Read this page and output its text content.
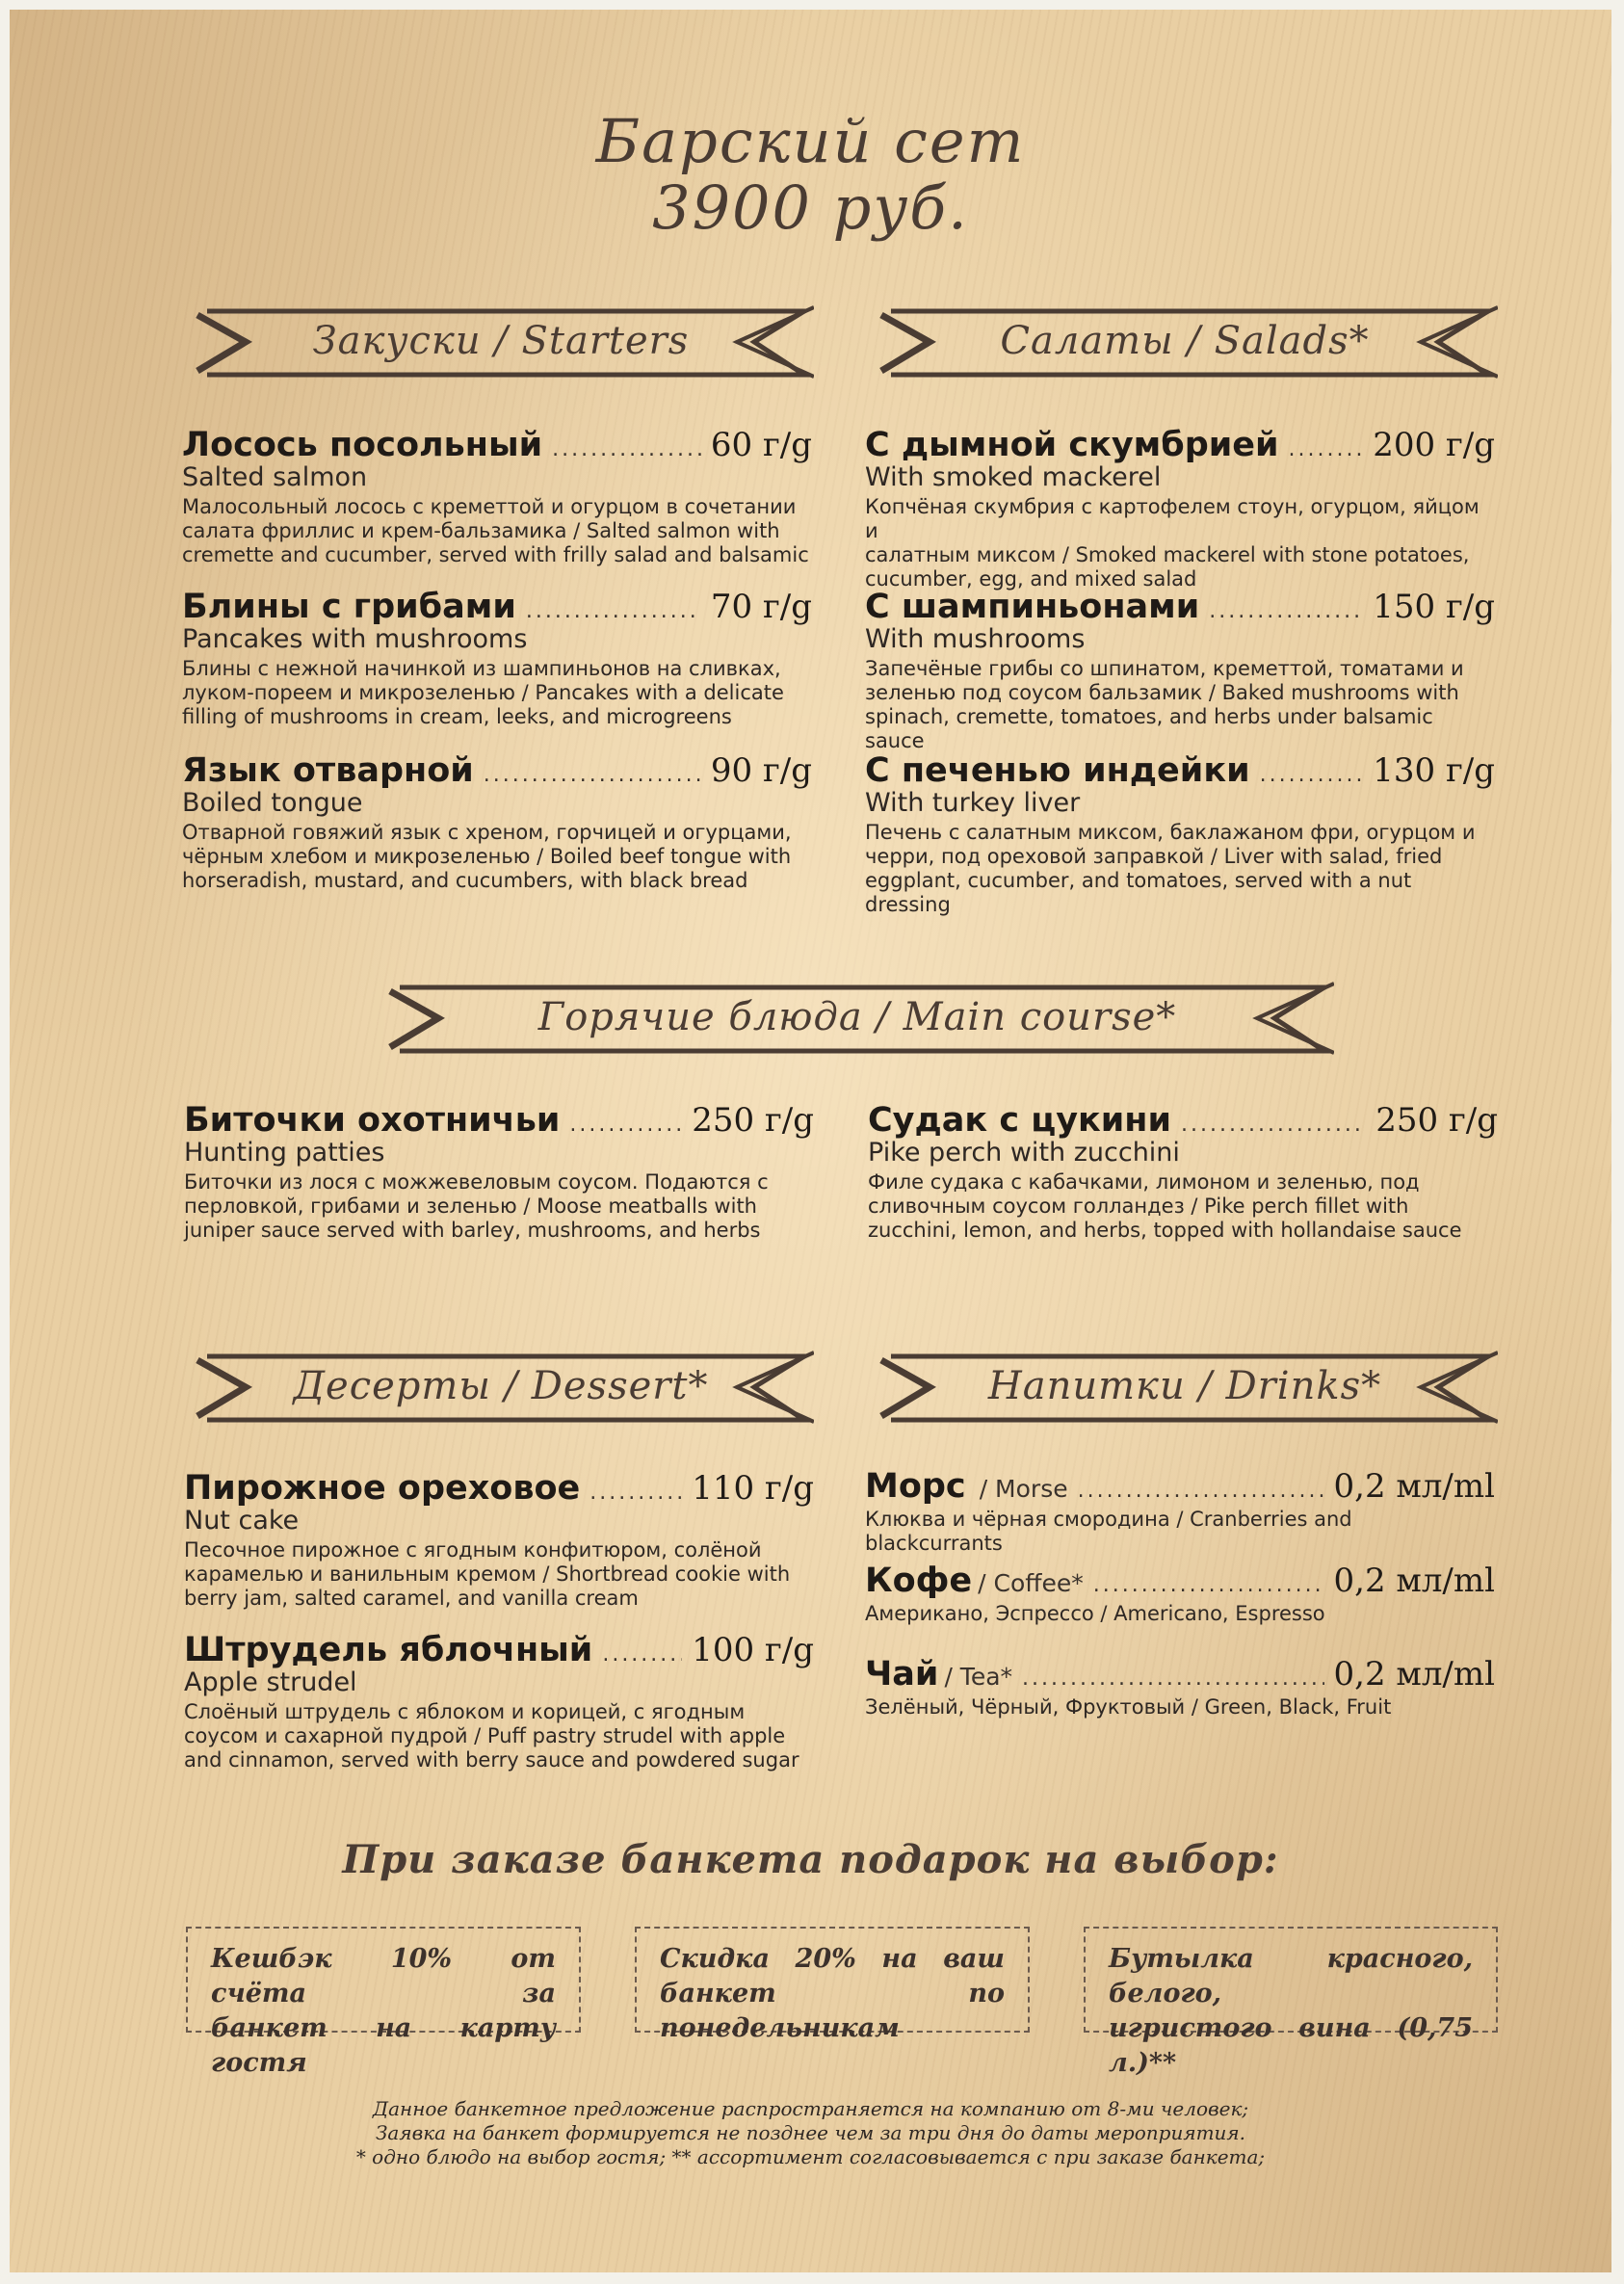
Барский сет
3900 руб.
Закуски / Starters	Салаты / Salads*
Горячие блюда / Main course*
Десерты / Dessert*	Напитки / Drinks*
Лосось посольный .....	60 г/g
Salted salmon
Малосольный лосось с креметтой и огурцом в сочетании
салата фриллис и крем-бальзамика / Salted salmon with
cremette and cucumber, served with frilly salad and balsamic
Блины с грибами .....	70 г/g
Pancakes with mushrooms
Блины с нежной начинкой из шампиньонов на сливках,
луком-пореем и микрозеленью / Pancakes with a delicate
filling of mushrooms in cream, leeks, and microgreens
Язык отварной .....	90 г/g
Boiled tongue
Отварной говяжий язык с хреном, горчицей и огурцами,
чёрным хлебом и микрозеленью / Boiled beef tongue with
horseradish, mustard, and cucumbers, with black bread
С дымной скумбрией .....	200 г/g
With smoked mackerel
Копчёная скумбрия с картофелем стоун, огурцом, яйцом и
салатным миксом / Smoked mackerel with stone potatoes,
cucumber, egg, and mixed salad
С шампиньонами .....	150 г/g
With mushrooms
Запечёные грибы со шпинатом, креметтой, томатами и
зеленью под соусом бальзамик / Baked mushrooms with
spinach, cremette, tomatoes, and herbs under balsamic sauce
С печенью индейки .....	130 г/g
With turkey liver
Печень с салатным миксом, баклажаном фри, огурцом и
черри, под ореховой заправкой / Liver with salad, fried
eggplant, cucumber, and tomatoes, served with a nut dressing
Биточки охотничьи .....	250 г/g
Hunting patties
Биточки из лося с можжевеловым соусом. Подаются с
перловкой, грибами и зеленью / Moose meatballs with
juniper sauce served with barley, mushrooms, and herbs
Судак с цукини .....	250 г/g
Pike perch with zucchini
Филе судака с кабачками, лимоном и зеленью, под
сливочным соусом голландез / Pike perch fillet with
zucchini, lemon, and herbs, topped with hollandaise sauce
Пирожное ореховое .....	110 г/g
Nut cake
Песочное пирожное с ягодным конфитюром, солёной
карамелью и ванильным кремом / Shortbread cookie with
berry jam, salted caramel, and vanilla cream
Штрудель яблочный .....	100 г/g
Apple strudel
Слоёный штрудель с яблоком и корицей, с ягодным
соусом и сахарной пудрой / Puff pastry strudel with apple
and cinnamon, served with berry sauce and powdered sugar
Морс / Morse .....	0,2 мл/ml
Клюква и чёрная смородина / Cranberries and blackcurrants
Кофе / Coffee* .....	0,2 мл/ml
Американо, Эспрессо / Americano, Espresso
Чай / Tea* .....	0,2 мл/ml
Зелёный, Чёрный, Фруктовый / Green, Black, Fruit
При заказе банкета подарок на выбор:
Кешбэк 10% от счёта за
банкет на карту гостя
Скидка 20% на ваш
банкет по понедельникам
Бутылка красного, белого,
игристого вина (0,75 л.)**
Данное банкетное предложение распространяется на компанию от 8-ми человек;
Заявка на банкет формируется не позднее чем за три дня до даты мероприятия.
* одно блюдо на выбор гостя; ** ассортимент согласовывается с при заказе банкета;
